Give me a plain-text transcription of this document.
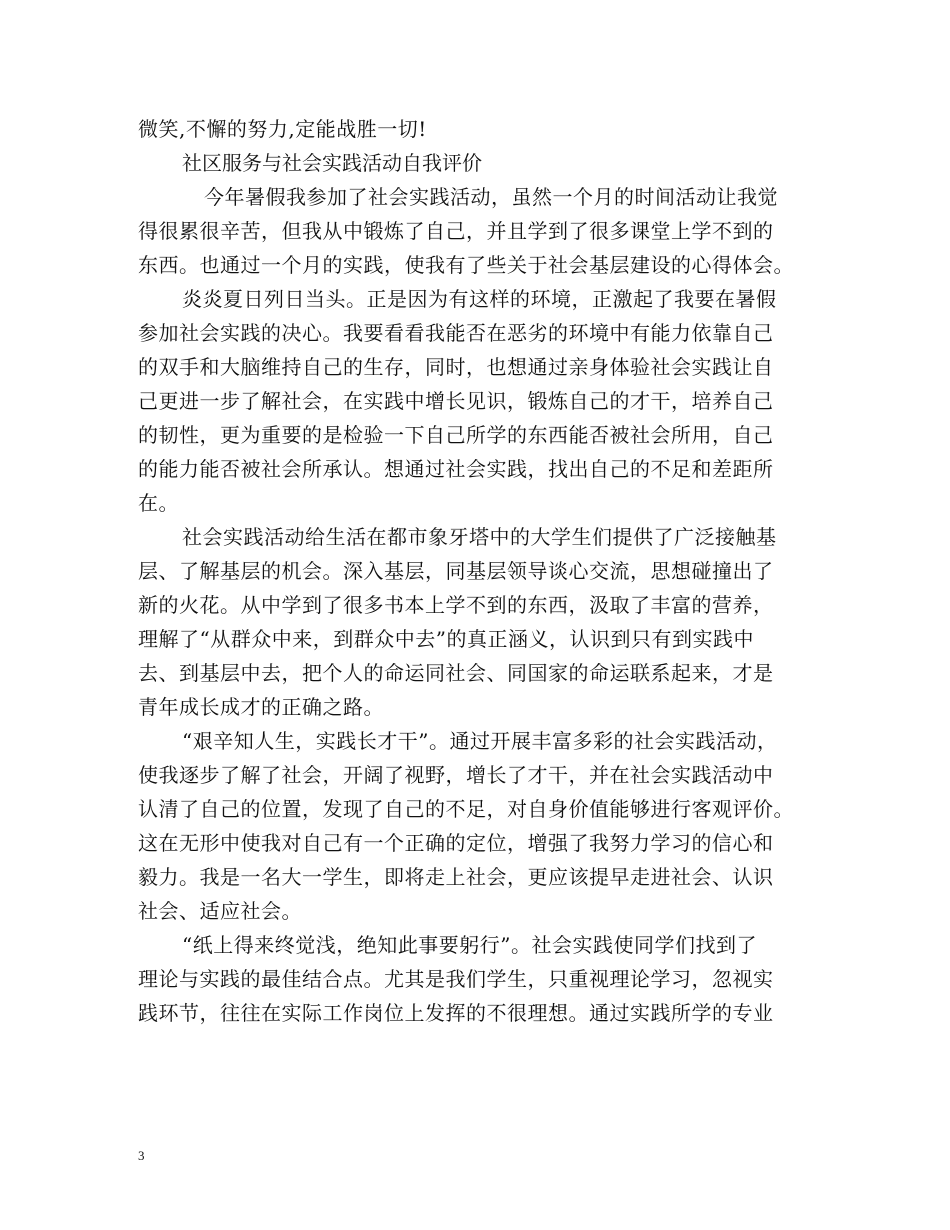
微笑,不懈的努力,定能战胜一切!
社区服务与社会实践活动自我评价
今年暑假我参加了社会实践活动，虽然一个月的时间活动让我觉
得很累很辛苦，但我从中锻炼了自己，并且学到了很多课堂上学不到的
东西。也通过一个月的实践，使我有了些关于社会基层建设的心得体会。
炎炎夏日列日当头。正是因为有这样的环境，正激起了我要在暑假
参加社会实践的决心。我要看看我能否在恶劣的环境中有能力依靠自己
的双手和大脑维持自己的生存，同时，也想通过亲身体验社会实践让自
己更进一步了解社会，在实践中增长见识，锻炼自己的才干，培养自己
的韧性，更为重要的是检验一下自己所学的东西能否被社会所用，自己
的能力能否被社会所承认。想通过社会实践，找出自己的不足和差距所
在。
社会实践活动给生活在都市象牙塔中的大学生们提供了广泛接触基
层、了解基层的机会。深入基层，同基层领导谈心交流，思想碰撞出了
新的火花。从中学到了很多书本上学不到的东西，汲取了丰富的营养，
理解了“从群众中来，到群众中去”的真正涵义，认识到只有到实践中
去、到基层中去，把个人的命运同社会、同国家的命运联系起来，才是
青年成长成才的正确之路。
“艰辛知人生，实践长才干”。通过开展丰富多彩的社会实践活动，
使我逐步了解了社会，开阔了视野，增长了才干，并在社会实践活动中
认清了自己的位置，发现了自己的不足，对自身价值能够进行客观评价。
这在无形中使我对自己有一个正确的定位，增强了我努力学习的信心和
毅力。我是一名大一学生，即将走上社会，更应该提早走进社会、认识
社会、适应社会。
“纸上得来终觉浅，绝知此事要躬行”。社会实践使同学们找到了
理论与实践的最佳结合点。尤其是我们学生，只重视理论学习，忽视实
践环节，往往在实际工作岗位上发挥的不很理想。通过实践所学的专业
3
